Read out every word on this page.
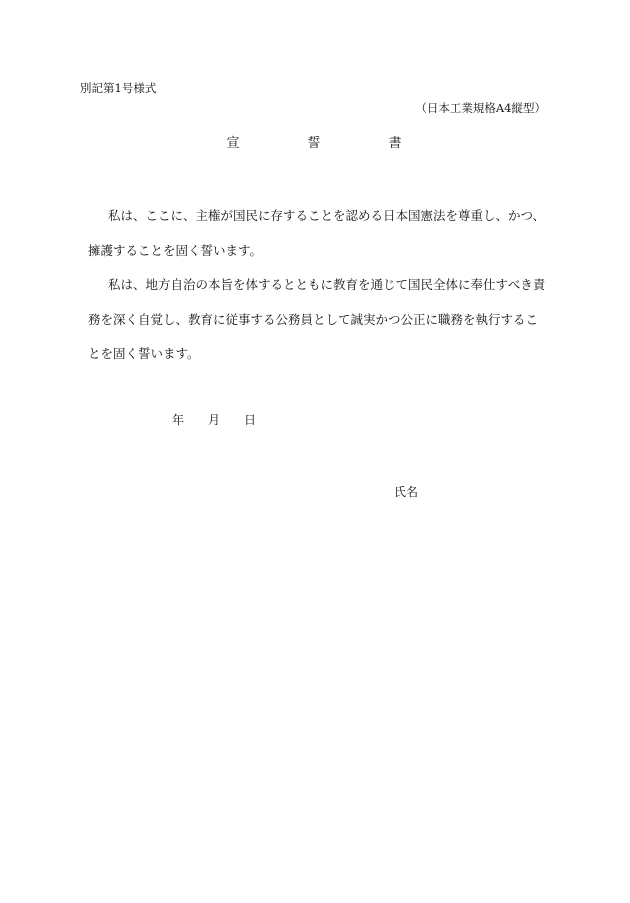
別記第1号様式
（日本工業規格A4縦型）
宣	誓	書

私は、ここに、主権が国民に存することを認める日本国憲法を尊重し、かつ、擁護することを固く誓います。

私は、地方自治の本旨を体するとともに教育を通じて国民全体に奉仕すべき責務を深く自覚し、教育に従事する公務員として誠実かつ公正に職務を執行することを固く誓います。

年 月 日
氏名
